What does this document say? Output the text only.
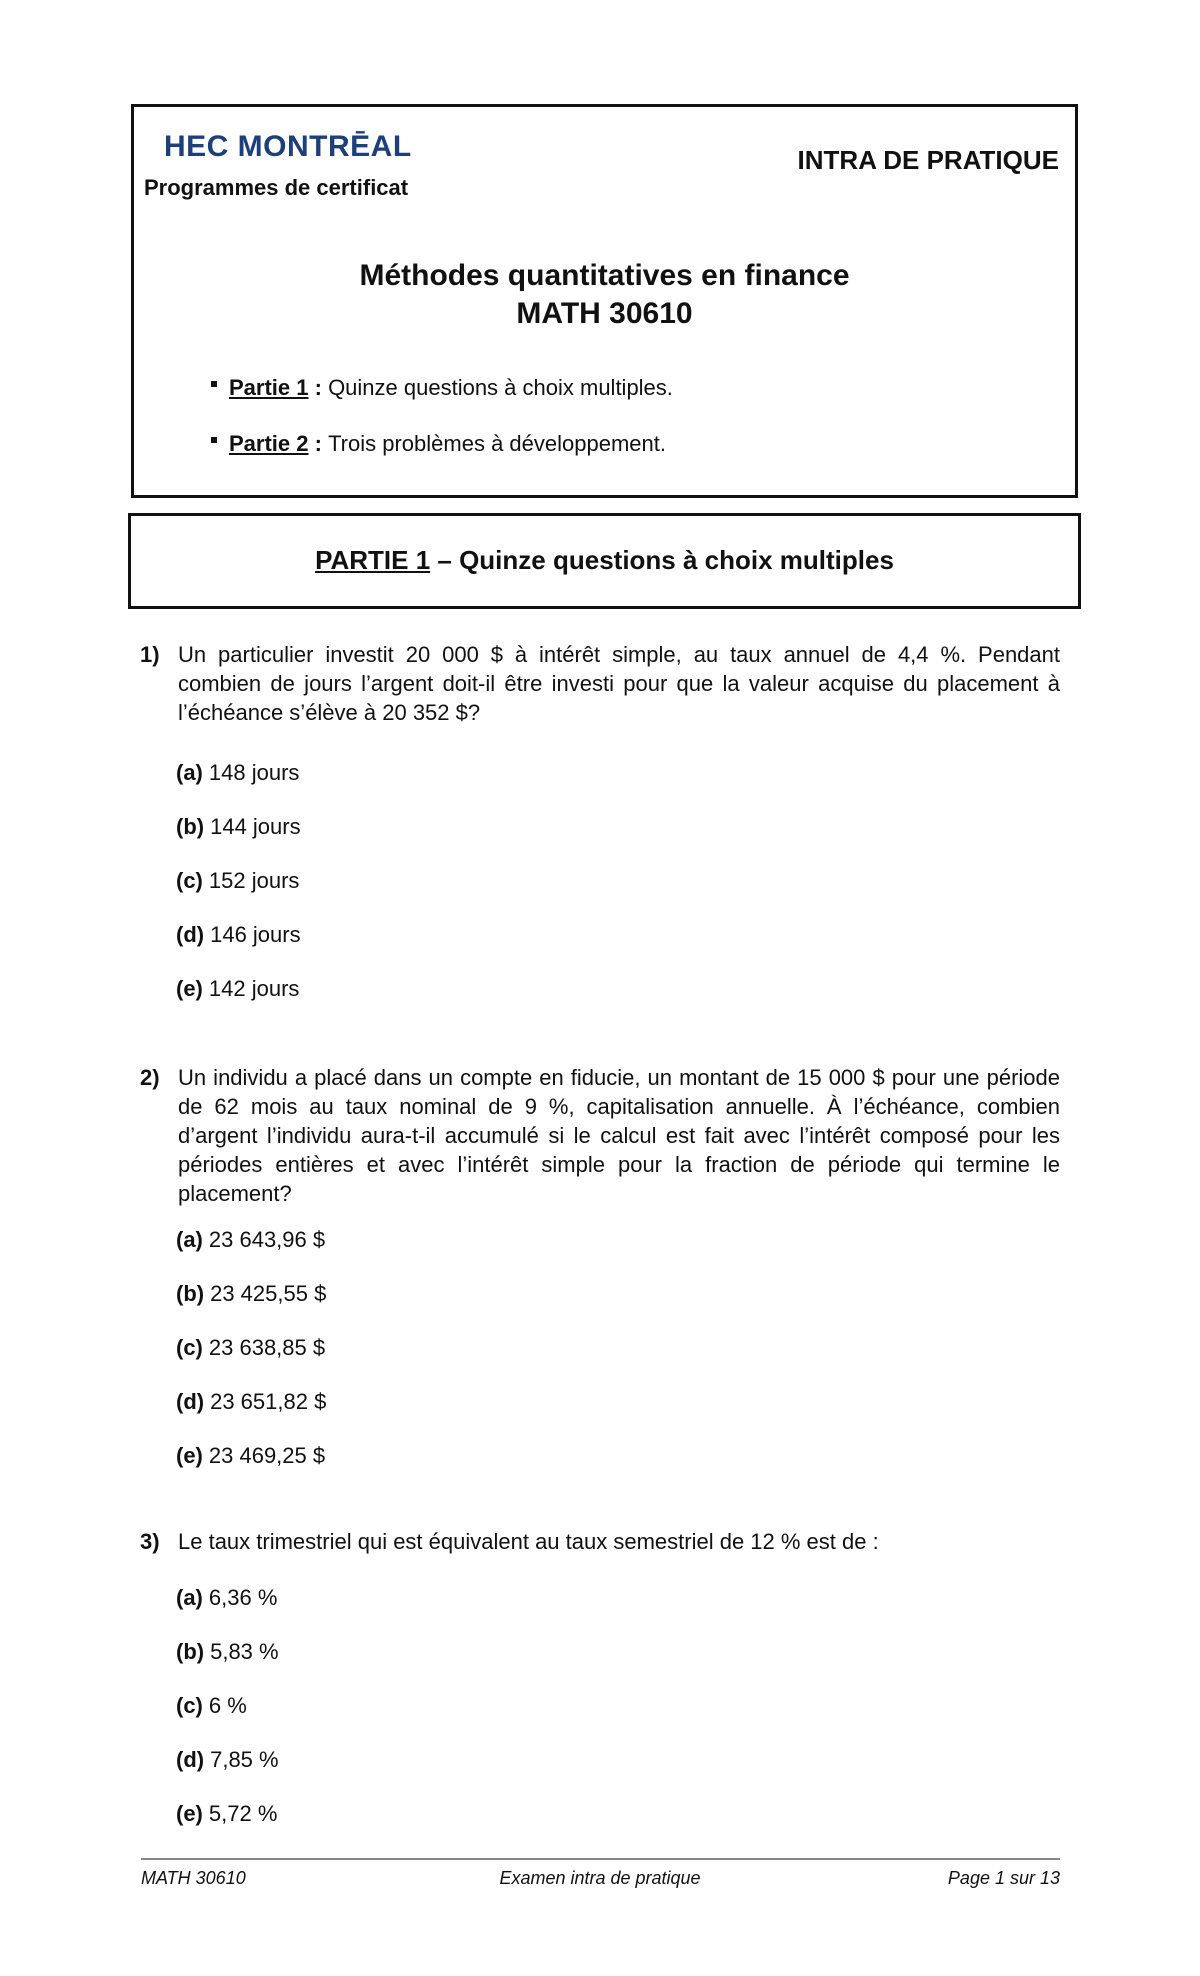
HEC MONTRĒAL
Programmes de certificat
INTRA DE PRATIQUE
Méthodes quantitatives en finance
MATH 30610
Partie 1 : Quinze questions à choix multiples.
Partie 2 : Trois problèmes à développement.
PARTIE 1 – Quinze questions à choix multiples
1) Un particulier investit 20 000 $ à intérêt simple, au taux annuel de 4,4 %. Pendant combien de jours l’argent doit-il être investi pour que la valeur acquise du placement à l’échéance s’élève à 20 352 $?
(a) 148 jours
(b) 144 jours
(c) 152 jours
(d) 146 jours
(e) 142 jours
2) Un individu a placé dans un compte en fiducie, un montant de 15 000 $ pour une période de 62 mois au taux nominal de 9 %, capitalisation annuelle. À l’échéance, combien d’argent l’individu aura-t-il accumulé si le calcul est fait avec l’intérêt composé pour les périodes entières et avec l’intérêt simple pour la fraction de période qui termine le placement?
(a) 23 643,96 $
(b) 23 425,55 $
(c) 23 638,85 $
(d) 23 651,82 $
(e) 23 469,25 $
3) Le taux trimestriel qui est équivalent au taux semestriel de 12 % est de :
(a) 6,36 %
(b) 5,83 %
(c) 6 %
(d) 7,85 %
(e) 5,72 %
MATH 30610	Examen intra de pratique	Page 1 sur 13
